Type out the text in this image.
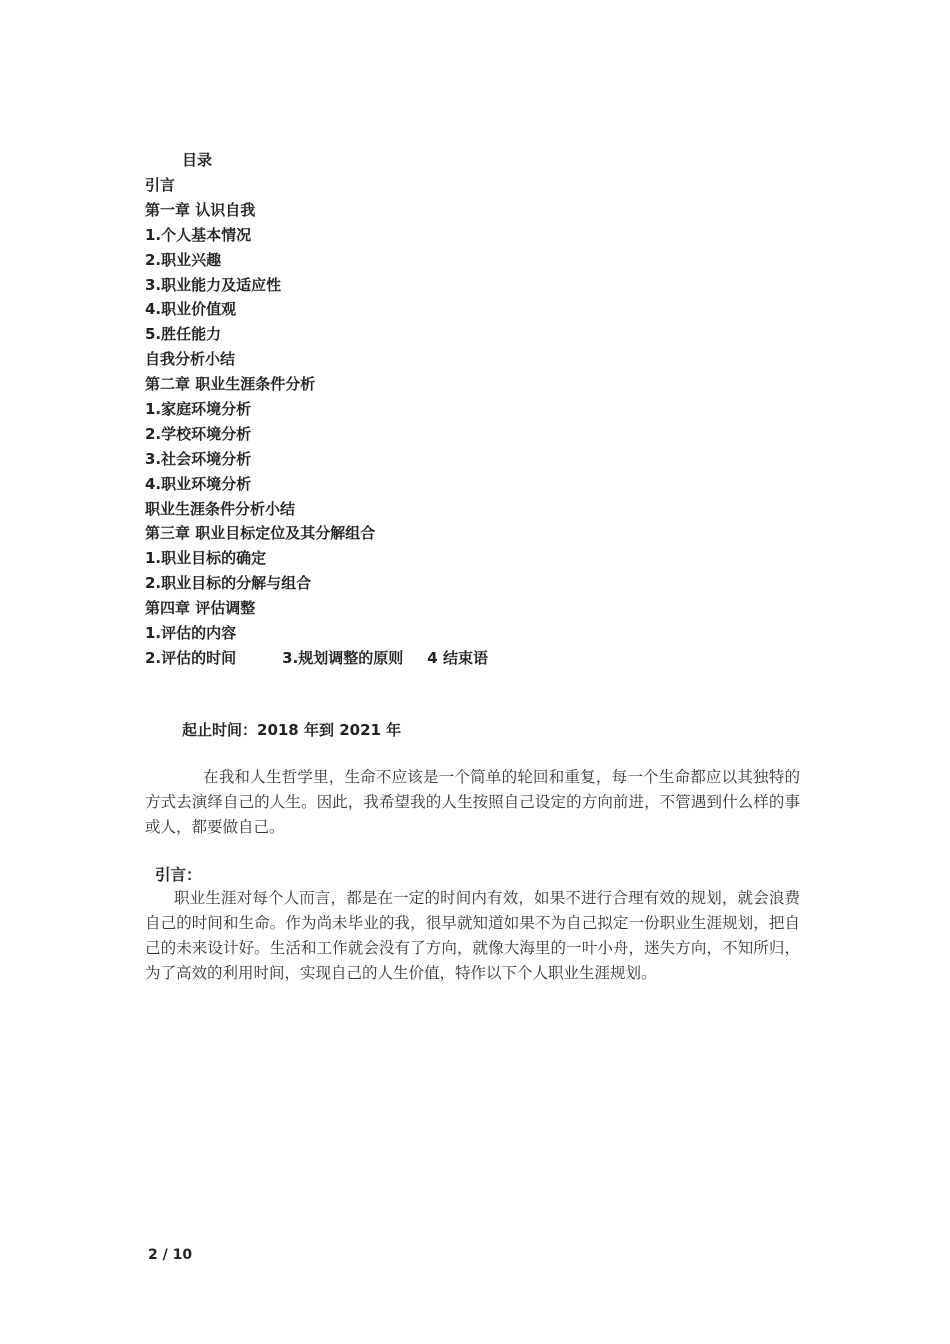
目录
引言
第一章 认识自我
1.个人基本情况
2.职业兴趣
3.职业能力及适应性
4.职业价值观
5.胜任能力
自我分析小结
第二章 职业生涯条件分析
1.家庭环境分析
2.学校环境分析
3.社会环境分析
4.职业环境分析
职业生涯条件分析小结
第三章 职业目标定位及其分解组合
1.职业目标的确定
2.职业目标的分解与组合
第四章 评估调整
1.评估的内容
2.评估的时间	3.规划调整的原则 4 结束语
起止时间：2018 年到 2021 年

在我和人生哲学里，生命不应该是一个简单的轮回和重复，每一个生命都应以其独特的方式去演绎自己的人生。因此，我希望我的人生按照自己设定的方向前进，不管遇到什么样的事或人，都要做自己。

引言：

职业生涯对每个人而言，都是在一定的时间内有效，如果不进行合理有效的规划，就会浪费自己的时间和生命。作为尚未毕业的我，很早就知道如果不为自己拟定一份职业生涯规划，把自己的未来设计好。生活和工作就会没有了方向，就像大海里的一叶小舟，迷失方向，不知所归，为了高效的利用时间，实现自己的人生价值，特作以下个人职业生涯规划。

2 / 10
